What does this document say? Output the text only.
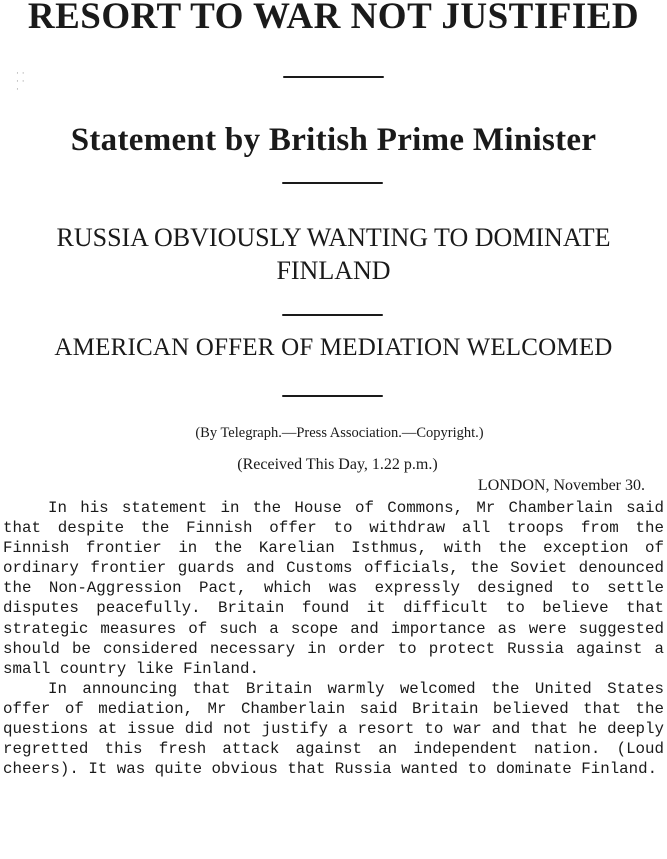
RESORT TO WAR NOT JUSTIFIED
· ·
· ·
·
Statement by British Prime Minister
RUSSIA OBVIOUSLY WANTING TO DOMINATE FINLAND
AMERICAN OFFER OF MEDIATION WELCOMED
(By Telegraph.—Press Association.—Copyright.)
(Received This Day, 1.22 p.m.)
LONDON, November 30.

In his statement in the House of Commons, Mr Chamberlain said that despite the Finnish offer to withdraw all troops from the Finnish frontier in the Karelian Isthmus, with the exception of ordinary frontier guards and Customs officials, the Soviet denounced the Non-Aggression Pact, which was expressly designed to settle disputes peacefully. Britain found it difficult to believe that strategic measures of such a scope and importance as were suggested should be considered necessary in order to protect Russia against a small country like Finland.

In announcing that Britain warmly welcomed the United States offer of mediation, Mr Chamberlain said Britain believed that the questions at issue did not justify a resort to war and that he deeply regretted this fresh attack against an independent nation. (Loud cheers). It was quite obvious that Russia wanted to dominate Finland.
